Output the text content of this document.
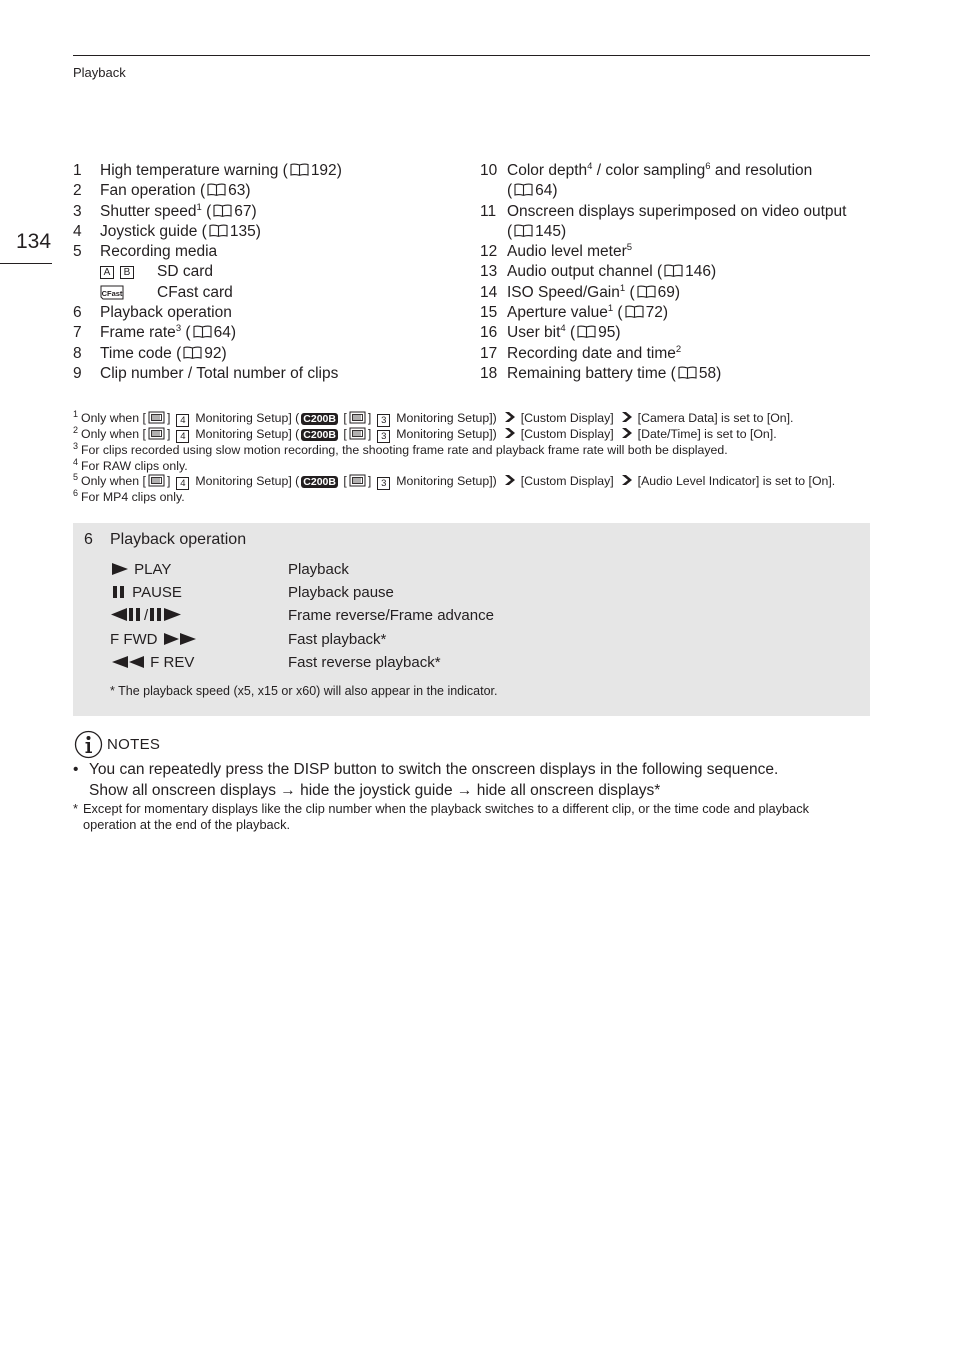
Playback
134
1 High temperature warning ( 192)
2 Fan operation ( 63)
3 Shutter speed$^1$ ( 67)
4 Joystick guide ( 135)
5 Recording media
A	B SD card
CFast CFast card
6 Playback operation
7 Frame rate$^3$ ( 64)
8 Time code ( 92)
9 Clip number / Total number of clips
10 Color depth$^4$ / color sampling$^6$ and resolution
( 64)
11 Onscreen displays superimposed on video output
( 145)
12 Audio level meter$^5$
13 Audio output channel ( 146)
14 ISO Speed/Gain$^1$ ( 69)
15 Aperture value$^1$ ( 72)
16 User bit$^4$ ( 95)
17 Recording date and time$^2$
18 Remaining battery time ( 58)
$^1$ Only when [ ] 4 Monitoring Setup] ( C200B [ ] 3 Monitoring Setup]) [Custom Display] [Camera Data] is set to [On].
$^2$ Only when [ ] 4 Monitoring Setup] ( C200B [ ] 3 Monitoring Setup]) [Custom Display] [Date/Time] is set to [On].
$^3$ For clips recorded using slow motion recording, the shooting frame rate and playback frame rate will both be displayed.
$^4$ For RAW clips only.
$^5$ Only when [ ] 4 Monitoring Setup] ( C200B [ ] 3 Monitoring Setup]) [Custom Display] [Audio Level Indicator] is set to [On].
$^6$ For MP4 clips only.
6 Playback operation
PLAY	Playback
PAUSE	Playback pause
/	Frame reverse/Frame advance
F FWD	Fast playback*
F REV	Fast reverse playback*
* The playback speed (x5, x15 or x60) will also appear in the indicator.
NOTES
• You can repeatedly press the DISP button to switch the onscreen displays in the following sequence.
Show all onscreen displays → hide the joystick guide → hide all onscreen displays*
* Except for momentary displays like the clip number when the playback switches to a different clip, or the time code and playback operation at the end of the playback.
